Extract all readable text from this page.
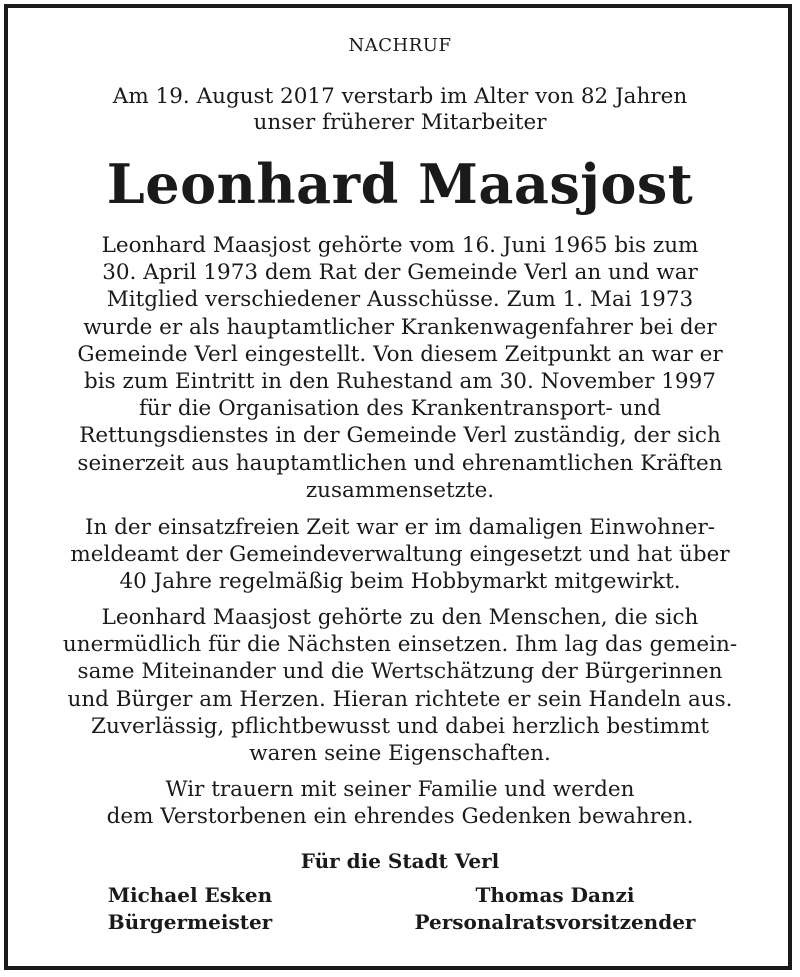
NACHRUF
Am 19. August 2017 verstarb im Alter von 82 Jahren
unser früherer Mitarbeiter
Leonhard Maasjost
Leonhard Maasjost gehörte vom 16. Juni 1965 bis zum
30. April 1973 dem Rat der Gemeinde Verl an und war
Mitglied verschiedener Ausschüsse. Zum 1. Mai 1973
wurde er als hauptamtlicher Krankenwagenfahrer bei der
Gemeinde Verl eingestellt. Von diesem Zeitpunkt an war er
bis zum Eintritt in den Ruhestand am 30. November 1997
für die Organisation des Krankentransport- und
Rettungsdienstes in der Gemeinde Verl zuständig, der sich
seinerzeit aus hauptamtlichen und ehrenamtlichen Kräften
zusammensetzte.
In der einsatzfreien Zeit war er im damaligen Einwohner-
meldeamt der Gemeindeverwaltung eingesetzt und hat über
40 Jahre regelmäßig beim Hobbymarkt mitgewirkt.
Leonhard Maasjost gehörte zu den Menschen, die sich
unermüdlich für die Nächsten einsetzen. Ihm lag das gemein-
same Miteinander und die Wertschätzung der Bürgerinnen
und Bürger am Herzen. Hieran richtete er sein Handeln aus.
Zuverlässig, pflichtbewusst und dabei herzlich bestimmt
waren seine Eigenschaften.
Wir trauern mit seiner Familie und werden
dem Verstorbenen ein ehrendes Gedenken bewahren.
Für die Stadt Verl
Michael Esken
Bürgermeister
Thomas Danzi
Personalratsvorsitzender
